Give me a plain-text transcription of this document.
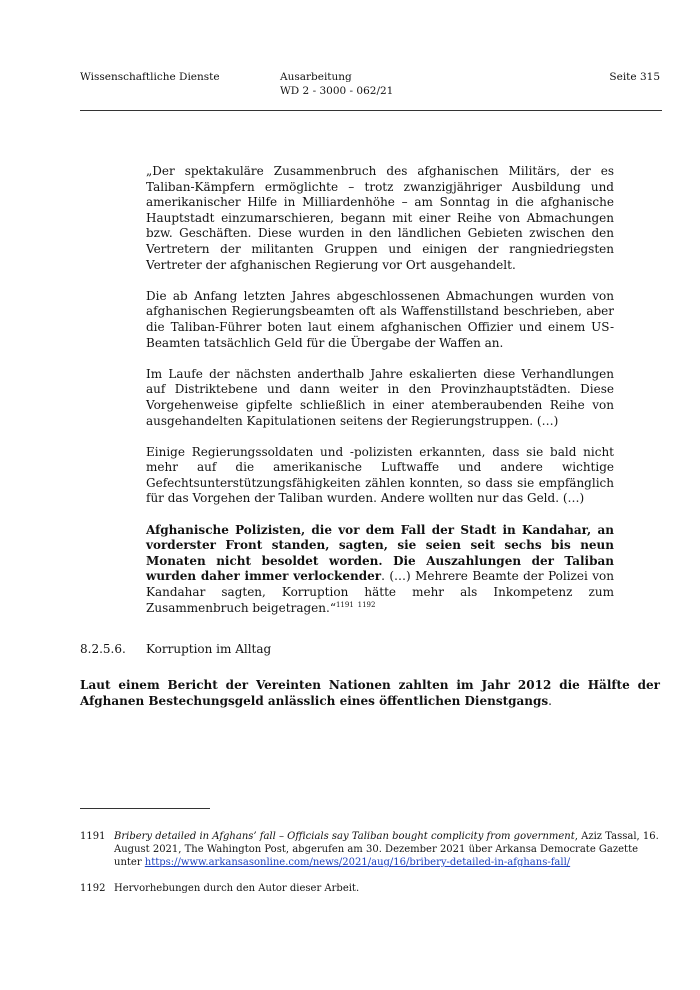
Wissenschaftliche Dienste	Ausarbeitung
WD 2 - 3000 - 062/21
Seite 315

„Der spektakuläre Zusammenbruch des afghanischen Militärs, der es Taliban-Kämpfern ermöglichte – trotz zwanzigjähriger Ausbildung und amerikanischer Hilfe in Milliardenhöhe – am Sonntag in die afghanische Hauptstadt einzumarschieren, begann mit einer Reihe von Abmachungen bzw. Geschäften. Diese wurden in den ländlichen Gebieten zwischen den Vertretern der militanten Gruppen und einigen der rangniedriegsten Vertreter der afghanischen Regierung vor Ort ausgehandelt.

Die ab Anfang letzten Jahres abgeschlossenen Abmachungen wurden von afghanischen Regierungsbeamten oft als Waffenstillstand beschrieben, aber die Taliban-Führer boten laut einem afghanischen Offizier und einem US-Beamten tatsächlich Geld für die Übergabe der Waffen an.

Im Laufe der nächsten anderthalb Jahre eskalierten diese Verhandlungen auf Distriktebene und dann weiter in den Provinzhauptstädten. Diese Vorgehenweise gipfelte schließlich in einer atemberaubenden Reihe von ausgehandelten Kapitulationen seitens der Regierungstruppen. (…)

Einige Regierungssoldaten und -polizisten erkannten, dass sie bald nicht mehr auf die amerikanische Luftwaffe und andere wichtige Gefechtsunterstützungsfähigkeiten zählen konnten, so dass sie empfänglich für das Vorgehen der Taliban wurden. Andere wollten nur das Geld. (…)

Afghanische Polizisten, die vor dem Fall der Stadt in Kandahar, an vorderster Front standen, sagten, sie seien seit sechs bis neun Monaten nicht besoldet worden. Die Auszahlungen der Taliban wurden daher immer verlockender. (…) Mehrere Beamte der Polizei von Kandahar sagten, Korruption hätte mehr als Inkompetenz zum Zusammenbruch beigetragen.“$^{1191}$ $^{1192}$

8.2.5.6. Korruption im Alltag

Laut einem Bericht der Vereinten Nationen zahlten im Jahr 2012 die Hälfte der Afghanen Bestechungsgeld anlässlich eines öffentlichen Dienstgangs.

1191 Bribery detailed in Afghans’ fall – Officials say Taliban bought complicity from government, Aziz Tassal, 16. August 2021, The Wahington Post, abgerufen am 30. Dezember 2021 über Arkansa Democrate Gazette unter https://www.arkansasonline.com/news/2021/aug/16/bribery-detailed-in-afghans-fall/
1192 Hervorhebungen durch den Autor dieser Arbeit.
